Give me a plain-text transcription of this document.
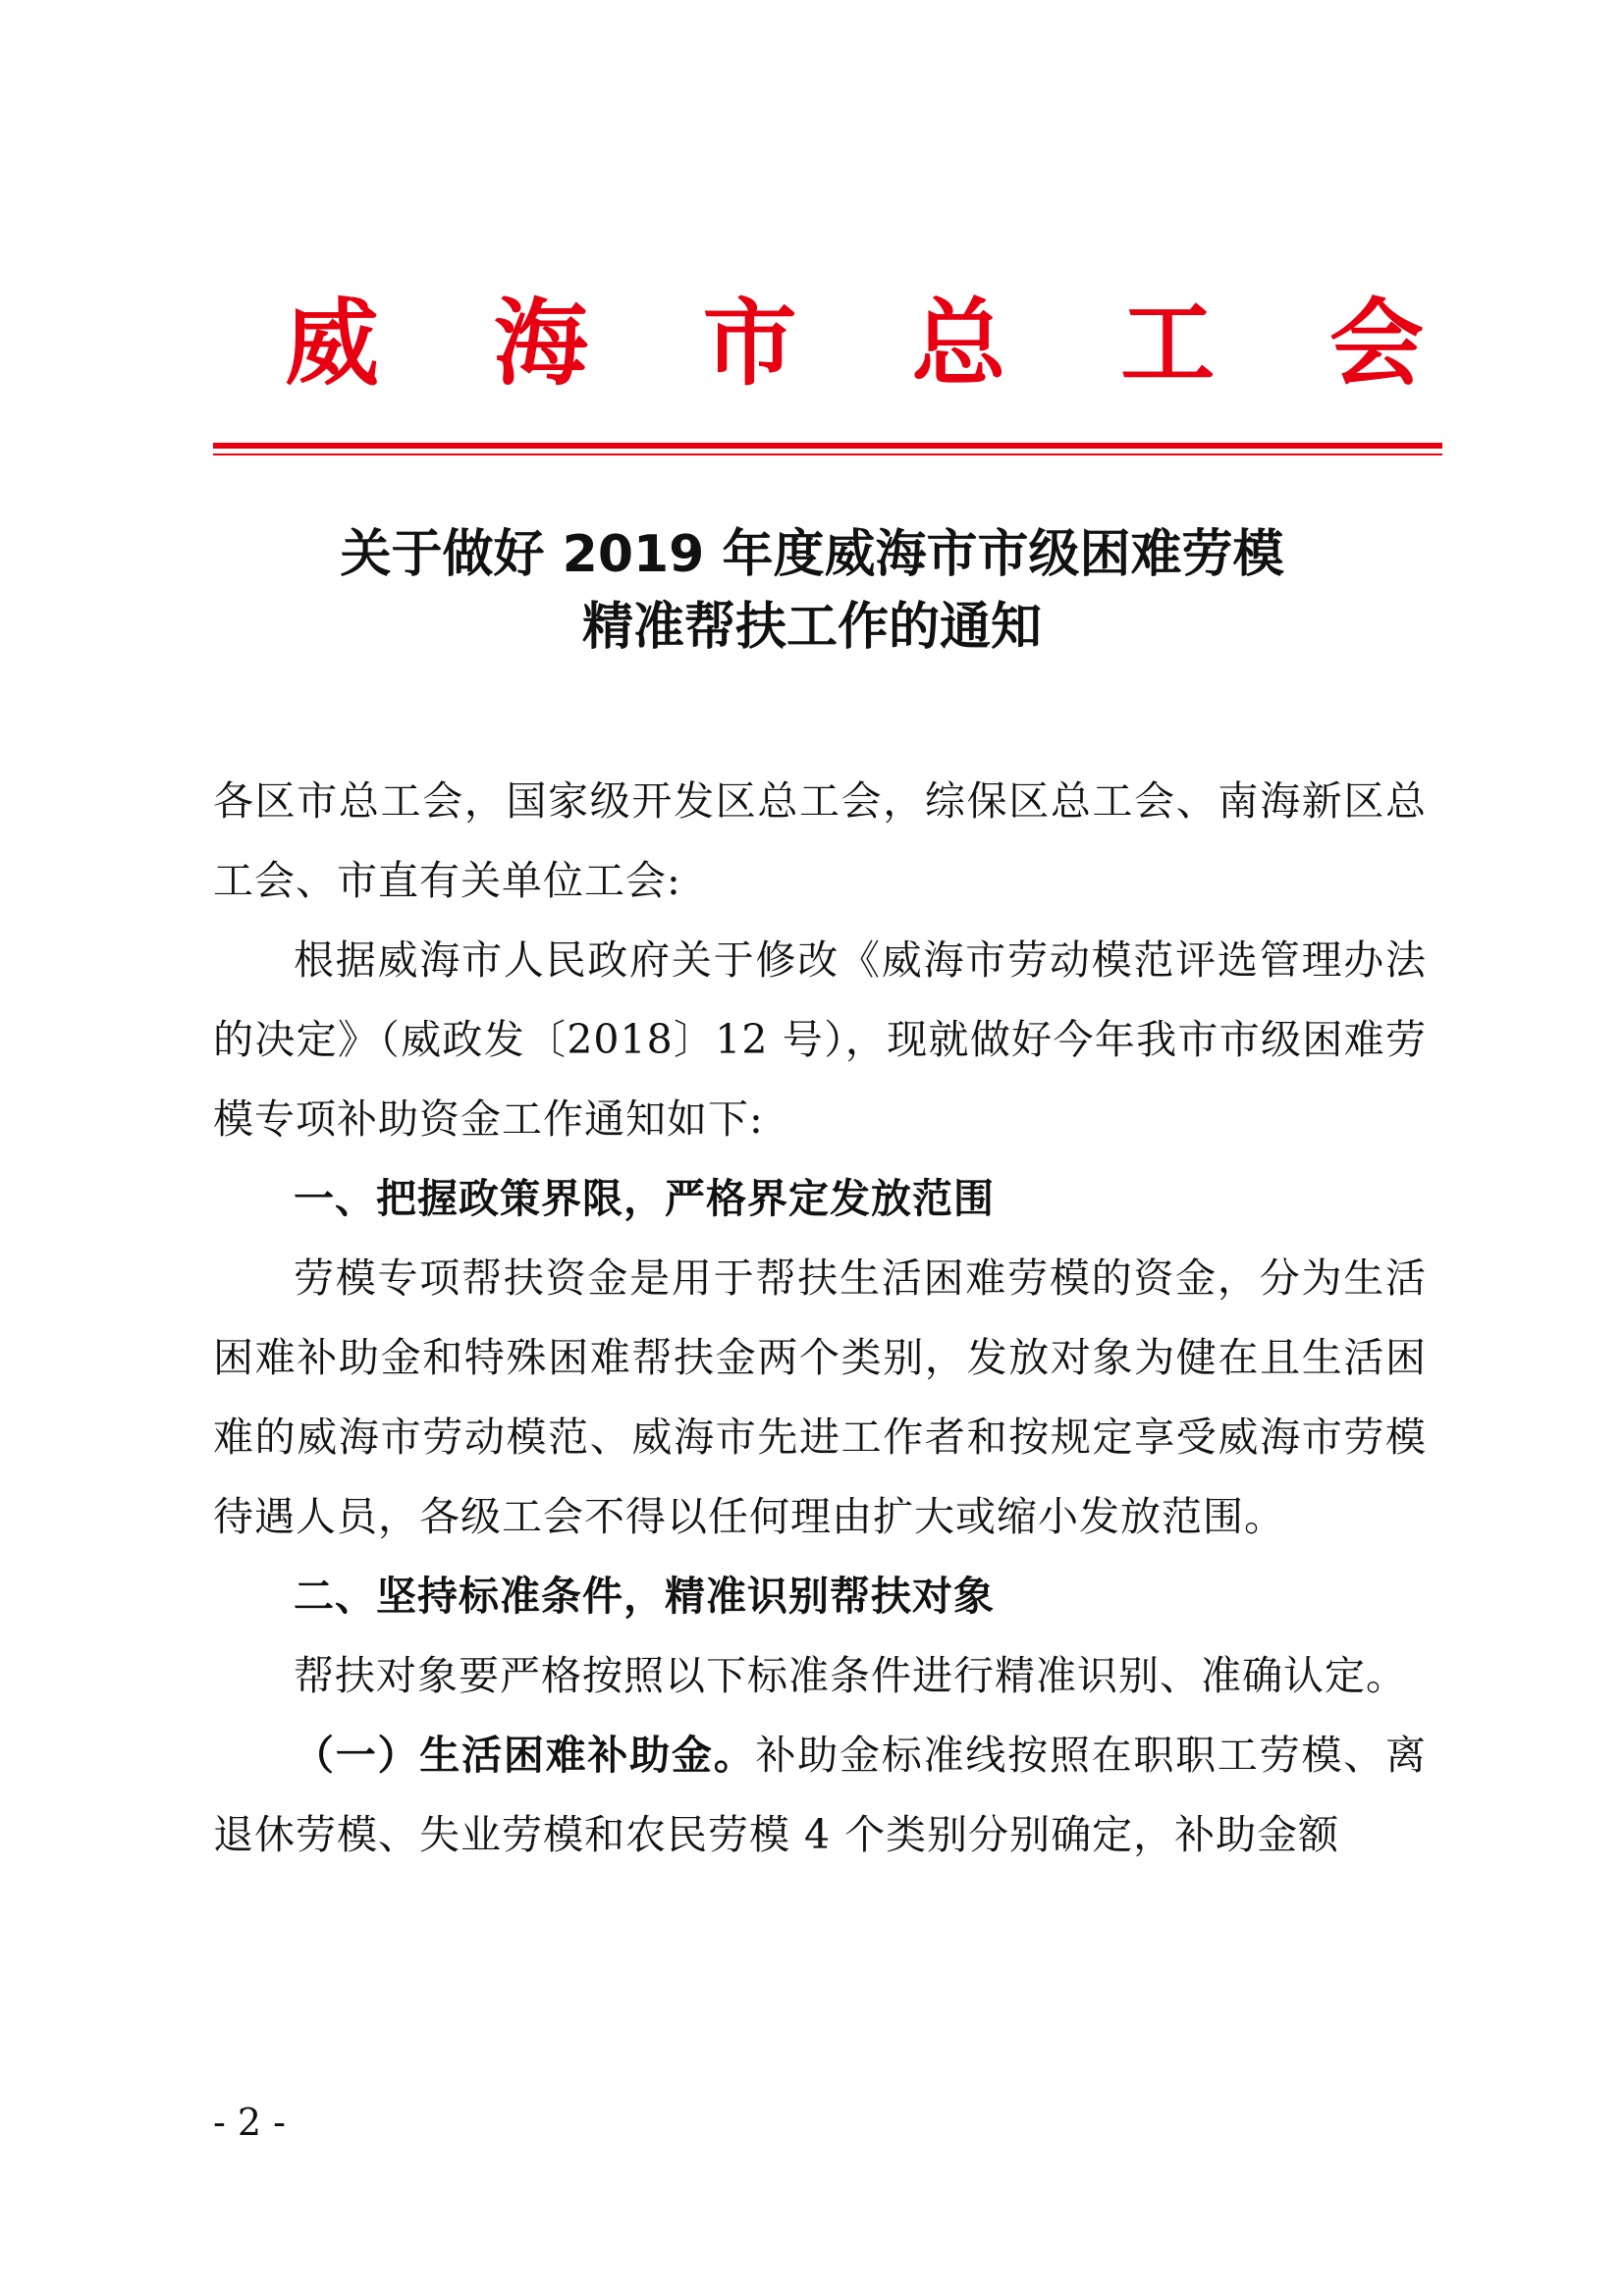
威 海 市 总 工 会
关于做好 2019 年度威海市市级困难劳模
精准帮扶工作的通知

各区市总工会，国家级开发区总工会，综保区总工会、南海新区总工会、市直有关单位工会:

根据威海市人民政府关于修改《威海市劳动模范评选管理办法的决定》（威政发〔2018〕12 号），现就做好今年我市市级困难劳模专项补助资金工作通知如下:

一、把握政策界限，严格界定发放范围

劳模专项帮扶资金是用于帮扶生活困难劳模的资金，分为生活困难补助金和特殊困难帮扶金两个类别，发放对象为健在且生活困难的威海市劳动模范、威海市先进工作者和按规定享受威海市劳模待遇人员，各级工会不得以任何理由扩大或缩小发放范围。

二、坚持标准条件，精准识别帮扶对象

帮扶对象要严格按照以下标准条件进行精准识别、准确认定。

（一）生活困难补助金。补助金标准线按照在职职工劳模、离退休劳模、失业劳模和农民劳模 4 个类别分别确定，补助金额

- 2 -
